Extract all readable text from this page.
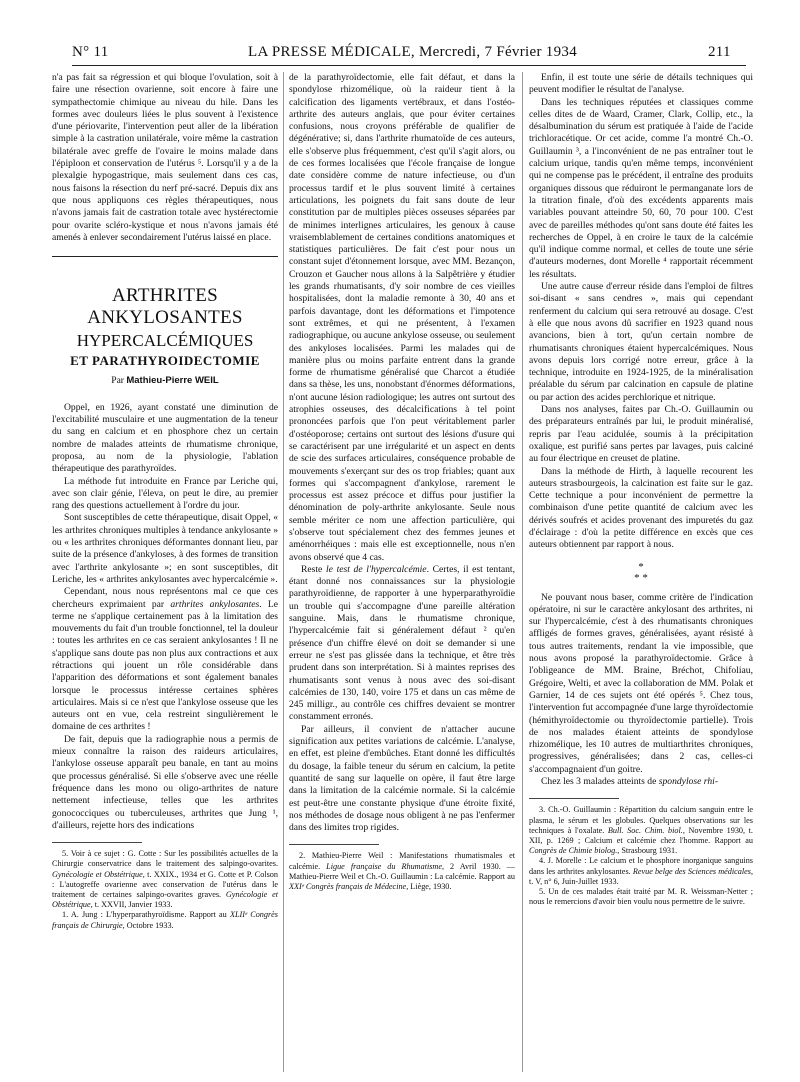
N° 11	LA PRESSE MÉDICALE, Mercredi, 7 Février 1934	211

n'a pas fait sa régression et qui bloque l'ovulation, soit à faire une résection ovarienne, soit encore à faire une sympathectomie chimique au niveau du hile. Dans les formes avec douleurs liées le plus souvent à l'existence d'une périovarite, l'intervention peut aller de la libération simple à la castration unilatérale, voire même la castration bilatérale avec greffe de l'ovaire le moins malade dans l'épiploon et conservation de l'utérus ⁵. Lorsqu'il y a de la plexalgie hypogastrique, mais seulement dans ces cas, nous faisons la résection du nerf pré-sacré. Depuis dix ans que nous appliquons ces règles thérapeutiques, nous n'avons jamais fait de castration totale avec hystérectomie pour ovarite scléro-kystique et nous n'avons jamais été amenés à enlever secondairement l'utérus laissé en place.

ARTHRITES ANKYLOSANTES
HYPERCALCÉMIQUES
ET PARATHYROIDECTOMIE
Par Mathieu-Pierre WEIL

Oppel, en 1926, ayant constaté une diminution de l'excitabilité musculaire et une augmentation de la teneur du sang en calcium et en phosphore chez un certain nombre de malades atteints de rhumatisme chronique, proposa, au nom de la physiologie, l'ablation thérapeutique des parathyroïdes.

La méthode fut introduite en France par Leriche qui, avec son clair génie, l'éleva, on peut le dire, au premier rang des questions actuellement à l'ordre du jour.

Sont susceptibles de cette thérapeutique, disait Oppel, « les arthrites chroniques multiples à tendance ankylosante » ou « les arthrites chroniques déformantes donnant lieu, par suite de la présence d'ankyloses, à des formes de transition avec l'arthrite ankylosante »; en sont susceptibles, dit Leriche, les « arthrites ankylosantes avec hypercalcémie ».

Cependant, nous nous représentons mal ce que ces chercheurs exprimaient par arthrites ankylosantes. Le terme ne s'applique certainement pas à la limitation des mouvements du fait d'un trouble fonctionnel, tel la douleur : toutes les arthrites en ce cas seraient ankylosantes ! Il ne s'applique sans doute pas non plus aux contractions et aux rétractions qui jouent un rôle considérable dans l'apparition des déformations et sont également banales lorsque le processus intéresse certaines sphères articulaires. Mais si ce n'est que l'ankylose osseuse que les auteurs ont en vue, cela restreint singulièrement le domaine de ces arthrites !

De fait, depuis que la radiographie nous a permis de mieux connaître la raison des raideurs articulaires, l'ankylose osseuse apparaît peu banale, en tant au moins que processus généralisé. Si elle s'observe avec une réelle fréquence dans les mono ou oligo-arthrites de nature nettement infectieuse, telles que les arthrites gonococciques ou tuberculeuses, arthrites que Jung ¹, d'ailleurs, rejette hors des indications

5. Voir à ce sujet : G. Cotte : Sur les possibilités actuelles de la Chirurgie conservatrice dans le traitement des salpingo-ovarites. Gynécologie et Obstétrique, t. XXIX., 1934 et G. Cotte et P. Colson : L'autogreffe ovarienne avec conservation de l'utérus dans le traitement de certaines salpingo-ovarites graves. Gynécologie et Obstétrique, t. XXVII, Janvier 1933.

1. A. Jung : L'hyperparathyroïdisme. Rapport au XLIIᵉ Congrès français de Chirurgie, Octobre 1933.

de la parathyroïdectomie, elle fait défaut, et dans la spondylose rhizomélique, où la raideur tient à la calcification des ligaments vertébraux, et dans l'ostéo-arthrite des auteurs anglais, que pour éviter certaines confusions, nous croyons préférable de qualifier de dégénérative; si, dans l'arthrite rhumatoïde de ces auteurs, elle s'observe plus fréquemment, c'est qu'il s'agit alors, ou de ces formes localisées que l'école française de longue date considère comme de nature infectieuse, ou d'un processus tardif et le plus souvent limité à certaines articulations, les poignets du fait sans doute de leur constitution par de multiples pièces osseuses séparées par de minimes interlignes articulaires, les genoux à cause vraisemblablement de certaines conditions anatomiques et statistiques particulières. De fait c'est pour nous un constant sujet d'étonnement lorsque, avec MM. Bezançon, Crouzon et Gaucher nous allons à la Salpêtrière y étudier les grands rhumatisants, d'y soir nombre de ces vieilles hospitalisées, dont la maladie remonte à 30, 40 ans et parfois davantage, dont les déformations et l'impotence sont extrêmes, et qui ne présentent, à l'examen radiographique, ou aucune ankylose osseuse, ou seulement des ankyloses localisées. Parmi les malades qui de manière plus ou moins parfaite entrent dans la grande forme de rhumatisme généralisé que Charcot a étudiée dans sa thèse, les uns, nonobstant d'énormes déformations, n'ont aucune lésion radiologique; les autres ont surtout des atrophies osseuses, des décalcifications à tel point prononcées parfois que l'on peut véritablement parler d'ostéoporose; certains ont surtout des lésions d'usure qui se caractérisent par une irrégularité et un aspect en dents de scie des surfaces articulaires, conséquence probable de mouvements s'exerçant sur des os trop friables; quant aux formes qui s'accompagnent d'ankylose, rarement le processus est assez précoce et diffus pour justifier la dénomination de poly-arthrite ankylosante. Seule nous semble mériter ce nom une affection particulière, qui s'observe tout spécialement chez des femmes jeunes et aménorrhéiques : mais elle est exceptionnelle, nous n'en avons observé que 4 cas.

Reste le test de l'hypercalcémie. Certes, il est tentant, étant donné nos connaissances sur la physiologie parathyroïdienne, de rapporter à une hyperparathyroïdie un trouble qui s'accompagne d'une pareille altération sanguine. Mais, dans le rhumatisme chronique, l'hypercalcémie fait si généralement défaut ² qu'en présence d'un chiffre élevé on doit se demander si une erreur ne s'est pas glissée dans la technique, et être très prudent dans son interprétation. Si à maintes reprises des rhumatisants sont venus à nous avec des soi-disant calcémies de 130, 140, voire 175 et dans un cas même de 245 milligr., au contrôle ces chiffres devaient se montrer constamment erronés.

Par ailleurs, il convient de n'attacher aucune signification aux petites variations de calcémie. L'analyse, en effet, est pleine d'embûches. Etant donné les difficultés du dosage, la faible teneur du sérum en calcium, la petite quantité de sang sur laquelle on opère, il faut être large dans la limitation de la calcémie normale. Si la calcémie est peut-être une constante physique d'une étroite fixité, nos méthodes de dosage nous obligent à ne pas l'enfermer dans des limites trop rigides.

2. Mathieu-Pierre Weil : Manifestations rhumatismales et calcémie. Ligue française du Rhumatisme, 2 Avril 1930. — Mathieu-Pierre Weil et Ch.-O. Guillaumin : La calcémie. Rapport au XXIᵉ Congrès français de Médecine, Liège, 1930.

Enfin, il est toute une série de détails techniques qui peuvent modifier le résultat de l'analyse.

Dans les techniques réputées et classiques comme celles dites de de Waard, Cramer, Clark, Collip, etc., la désalbumination du sérum est pratiquée à l'aide de l'acide trichloracétique. Or cet acide, comme l'a montré Ch.-O. Guillaumin ³, a l'inconvénient de ne pas entraîner tout le calcium urique, tandis qu'en même temps, inconvénient qui ne compense pas le précédent, il entraîne des produits organiques dissous que réduiront le permanganate lors de la titration finale, d'où des excédents apparents mais variables pouvant atteindre 50, 60, 70 pour 100. C'est avec de pareilles méthodes qu'ont sans doute été faites les recherches de Oppel, à en croire le taux de la calcémie qu'il indique comme normal, et celles de toute une série d'auteurs modernes, dont Morelle ⁴ rapportait récemment les résultats.

Une autre cause d'erreur réside dans l'emploi de filtres soi-disant « sans cendres », mais qui cependant renferment du calcium qui sera retrouvé au dosage. C'est à elle que nous avons dû sacrifier en 1923 quand nous avancions, bien à tort, qu'un certain nombre de rhumatisants chroniques étaient hypercalcémiques. Nous avons depuis lors corrigé notre erreur, grâce à la technique, introduite en 1924-1925, de la minéralisation préalable du sérum par calcination en capsule de platine ou par action des acides perchlorique et nitrique.

Dans nos analyses, faites par Ch.-O. Guillaumin ou des préparateurs entraînés par lui, le produit minéralisé, repris par l'eau acidulée, soumis à la précipitation oxalique, est purifié sans pertes par lavages, puis calciné au four électrique en creuset de platine.

Dans la méthode de Hirth, à laquelle recourent les auteurs strasbourgeois, la calcination est faite sur le gaz. Cette technique a pour inconvénient de permettre la combinaison d'une petite quantité de calcium avec les dérivés soufrés et acides provenant des impuretés du gaz d'éclairage : d'où la petite différence en excès que ces auteurs obtiennent par rapport à nous.

*
* *

Ne pouvant nous baser, comme critère de l'indication opératoire, ni sur le caractère ankylosant des arthrites, ni sur l'hypercalcémie, c'est à des rhumatisants chroniques affligés de formes graves, généralisées, ayant résisté à tous autres traitements, rendant la vie impossible, que nous avons proposé la parathyroïdectomie. Grâce à l'obligeance de MM. Braine, Bréchot, Chifoliau, Grégoire, Welti, et avec la collaboration de MM. Polak et Garnier, 14 de ces sujets ont été opérés ⁵. Chez tous, l'intervention fut accompagnée d'une large thyroïdectomie (hémithyroïdectomie ou thyroïdectomie partielle). Trois de nos malades étaient atteints de spondylose rhizomélique, les 10 autres de multiarthrites chroniques, progressives, généralisées; dans 2 cas, celles-ci s'accompagnaient d'un goitre.

Chez les 3 malades atteints de spondylose rhi-

3. Ch.-O. Guillaumin : Répartition du calcium sanguin entre le plasma, le sérum et les globules. Quelques observations sur les techniques à l'oxalate. Bull. Soc. Chim. biol., Novembre 1930, t. XII, p. 1269 ; Calcium et calcémie chez l'homme. Rapport au Congrès de Chimie biolog., Strasbourg 1931.

4. J. Morelle : Le calcium et le phosphore inorganique sanguins dans les arthrites ankylosantes. Revue belge des Sciences médicales, t. V, n° 6, Juin-Juillet 1933.

5. Un de ces malades était traité par M. R. Weissman-Netter ; nous le remercions d'avoir bien voulu nous permettre de le suivre.
